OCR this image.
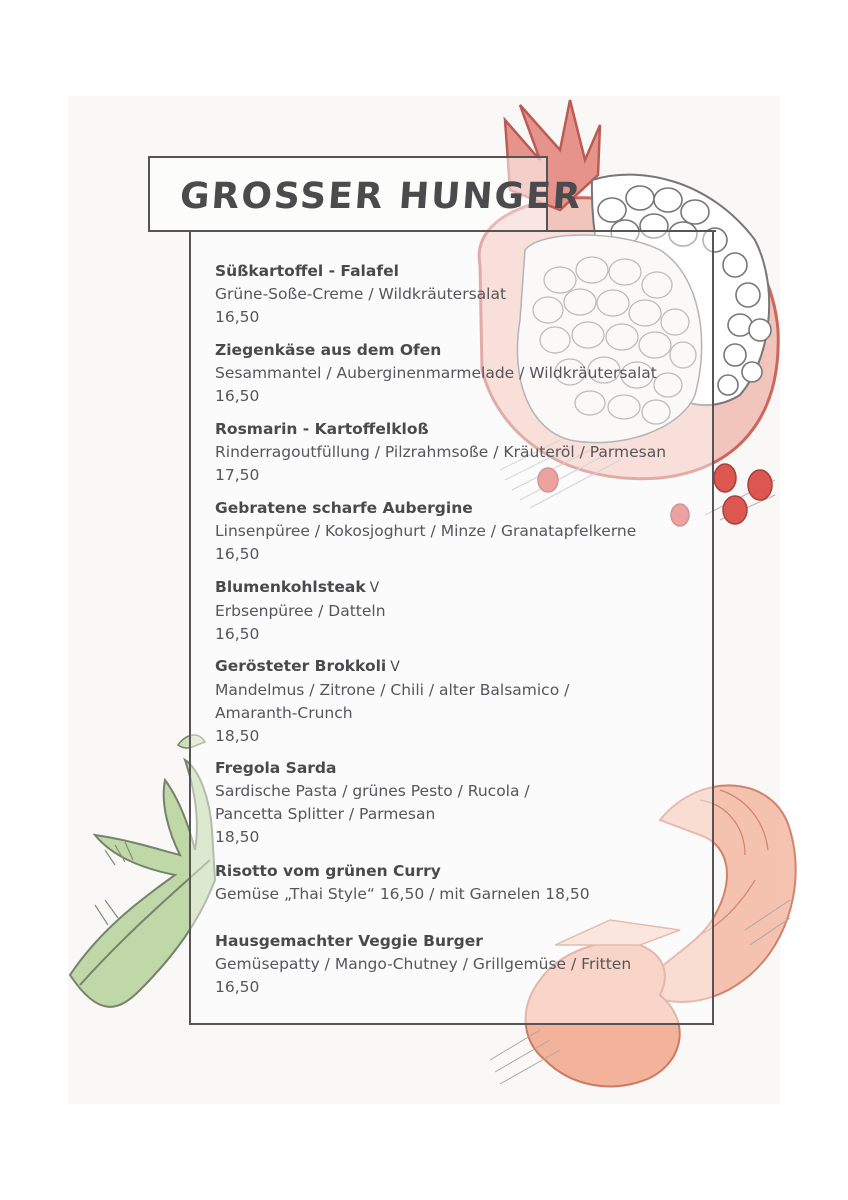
GROSSER HUNGER
Süßkartoffel - Falafel
Grüne-Soße-Creme / Wildkräutersalat
16,50
Ziegenkäse aus dem Ofen
Sesammantel / Auberginenmarmelade / Wildkräutersalat
16,50
Rosmarin - Kartoffelkloß
Rinderragoutfüllung / Pilzrahmsoße / Kräuteröl / Parmesan
17,50
Gebratene scharfe Aubergine
Linsenpüree / Kokosjoghurt / Minze / Granatapfelkerne
16,50
Blumenkohlsteak V
Erbsenpüree / Datteln
16,50
Gerösteter Brokkoli V
Mandelmus / Zitrone / Chili / alter Balsamico /
Amaranth-Crunch
18,50
Fregola Sarda
Sardische Pasta / grünes Pesto / Rucola /
Pancetta Splitter / Parmesan
18,50
Risotto vom grünen Curry
Gemüse „Thai Style“ 16,50 / mit Garnelen 18,50
Hausgemachter Veggie Burger
Gemüsepatty / Mango-Chutney / Grillgemüse / Fritten
16,50
